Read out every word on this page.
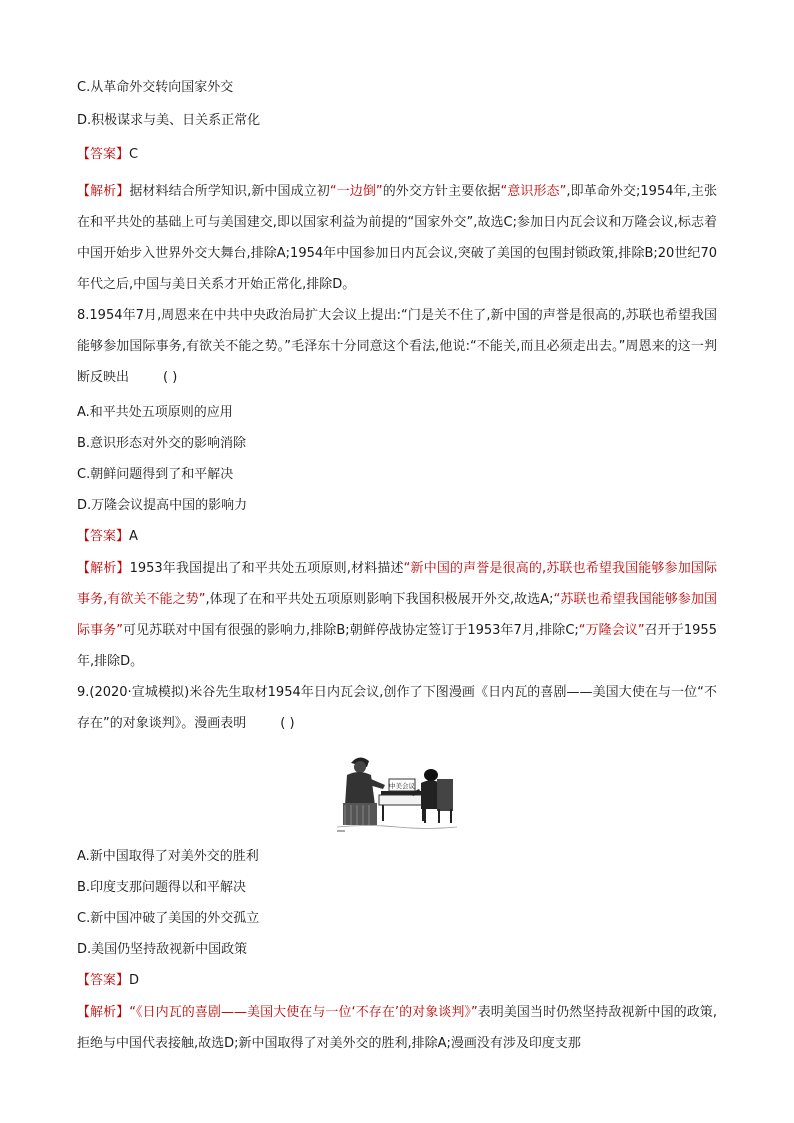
C.从革命外交转向国家外交

D.积极谋求与美、日关系正常化

【答案】C

【解析】据材料结合所学知识,新中国成立初“一边倒”的外交方针主要依据“意识形态”,即革命外交;1954年,主张在和平共处的基础上可与美国建交,即以国家利益为前提的“国家外交”,故选C;参加日内瓦会议和万隆会议,标志着中国开始步入世界外交大舞台,排除A;1954年中国参加日内瓦会议,突破了美国的包围封锁政策,排除B;20世纪70年代之后,中国与美日关系才开始正常化,排除D。

8.1954年7月,周恩来在中共中央政治局扩大会议上提出:“门是关不住了,新中国的声誉是很高的,苏联也希望我国能够参加国际事务,有欲关不能之势。”毛泽东十分同意这个看法,他说:“不能关,而且必须走出去。”周恩来的这一判断反映出	( )

A.和平共处五项原则的应用

B.意识形态对外交的影响消除

C.朝鲜问题得到了和平解决

D.万隆会议提高中国的影响力

【答案】A

【解析】1953年我国提出了和平共处五项原则,材料描述“新中国的声誉是很高的,苏联也希望我国能够参加国际事务,有欲关不能之势”,体现了在和平共处五项原则影响下我国积极展开外交,故选A;“苏联也希望我国能够参加国际事务”可见苏联对中国有很强的影响力,排除B;朝鲜停战协定签订于1953年7月,排除C;“万隆会议”召开于1955年,排除D。

9.(2020·宣城模拟)米谷先生取材1954年日内瓦会议,创作了下图漫画《日内瓦的喜剧——美国大使在与一位“不存在”的对象谈判》。漫画表明	( )

中美会议

A.新中国取得了对美外交的胜利

B.印度支那问题得以和平解决

C.新中国冲破了美国的外交孤立

D.美国仍坚持敌视新中国政策

【答案】D

【解析】“《日内瓦的喜剧——美国大使在与一位‘不存在’的对象谈判》”表明美国当时仍然坚持敌视新中国的政策,拒绝与中国代表接触,故选D;新中国取得了对美外交的胜利,排除A;漫画没有涉及印度支那
